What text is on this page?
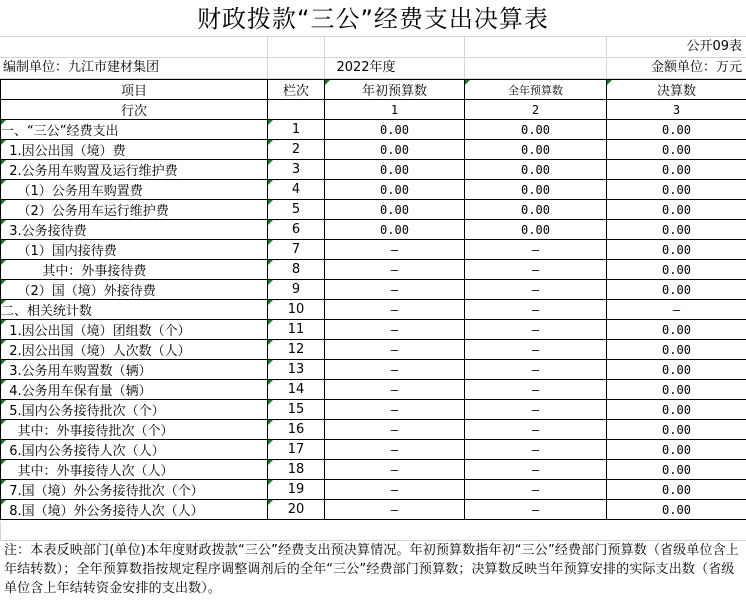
财政拨款“三公”经费支出决算表
公开09表
编制单位：九江市建材集团	2022年度	金额单位：万元
项目	栏次	年初预算数	全年预算数	决算数
行次		1	2	3
一、“三公”经费支出	1	0.00	0.00	0.00
1.因公出国（境）费	2	0.00	0.00	0.00
2.公务用车购置及运行维护费	3	0.00	0.00	0.00
（1）公务用车购置费	4	0.00	0.00	0.00
（2）公务用车运行维护费	5	0.00	0.00	0.00
3.公务接待费	6	0.00	0.00	0.00
（1）国内接待费	7	—	—	0.00
其中：外事接待费	8	—	—	0.00
（2）国（境）外接待费	9	—	—	0.00
二、相关统计数	10	—	—	—
1.因公出国（境）团组数（个）	11	—	—	0.00
2.因公出国（境）人次数（人）	12	—	—	0.00
3.公务用车购置数（辆）	13	—	—	0.00
4.公务用车保有量（辆）	14	—	—	0.00
5.国内公务接待批次（个）	15	—	—	0.00
其中：外事接待批次（个）	16	—	—	0.00
6.国内公务接待人次（人）	17	—	—	0.00
其中：外事接待人次（人）	18	—	—	0.00
7.国（境）外公务接待批次（个）	19	—	—	0.00
8.国（境）外公务接待人次（人）	20	—	—	0.00
注：本表反映部门(单位)本年度财政拨款“三公”经费支出预决算情况。年初预算数指年初“三公”经费部门预算数（省级单位含上年结转数）；全年预算数指按规定程序调整调剂后的全年“三公”经费部门预算数；决算数反映当年预算安排的实际支出数（省级单位含上年结转资金安排的支出数）。
